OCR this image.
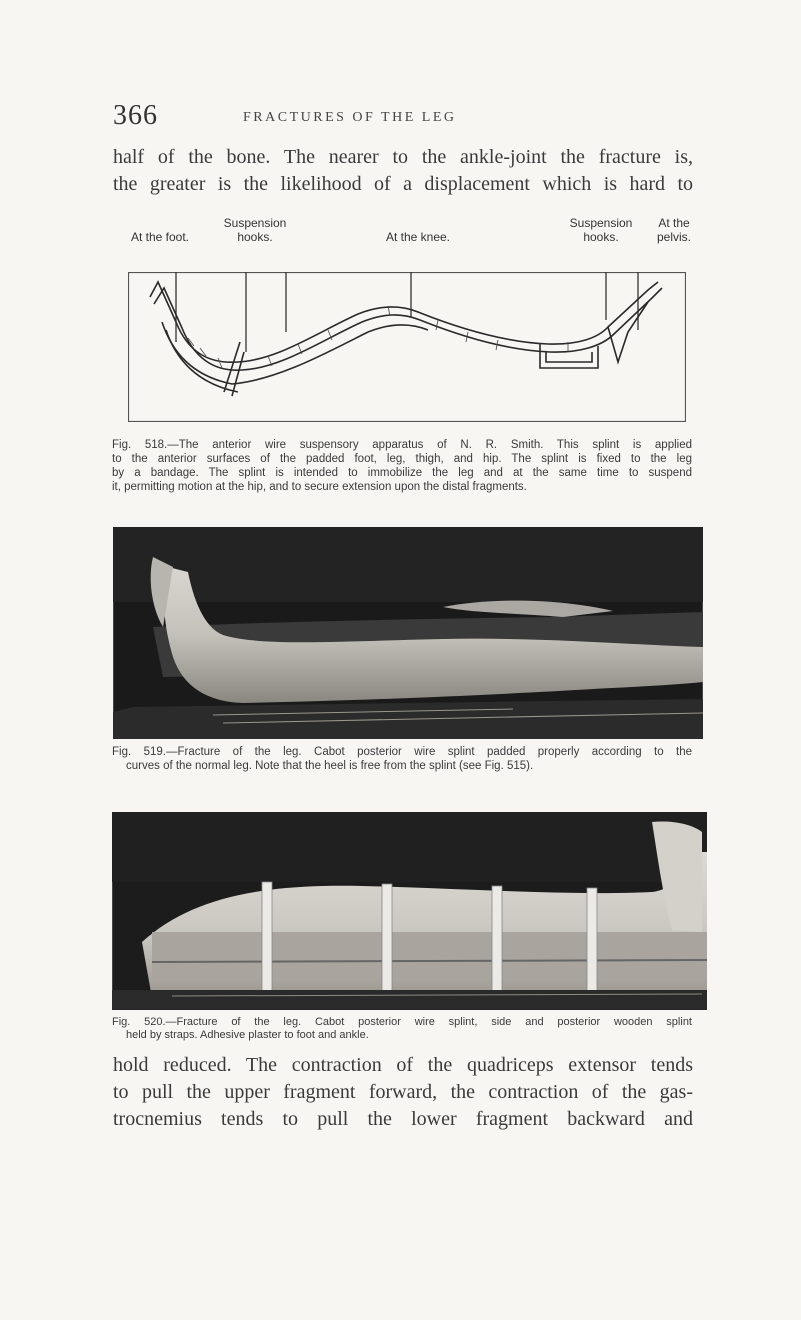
366	FRACTURES OF THE LEG
half of the bone. The nearer to the ankle-joint the fracture is,
the greater is the likelihood of a displacement which is hard to
At the foot.
Suspension
hooks.	At the knee.
Suspension
hooks.
At the
pelvis.
Fig. 518.—The anterior wire suspensory apparatus of N. R. Smith. This splint is applied
to the anterior surfaces of the padded foot, leg, thigh, and hip. The splint is fixed to the leg
by a bandage. The splint is intended to immobilize the leg and at the same time to suspend
it, permitting motion at the hip, and to secure extension upon the distal fragments.
Fig. 519.—Fracture of the leg. Cabot posterior wire splint padded properly according to the
curves of the normal leg. Note that the heel is free from the splint (see Fig. 515).
Fig. 520.—Fracture of the leg. Cabot posterior wire splint, side and posterior wooden splint
held by straps. Adhesive plaster to foot and ankle.
hold reduced. The contraction of the quadriceps extensor tends
to pull the upper fragment forward, the contraction of the gas-
trocnemius tends to pull the lower fragment backward and
